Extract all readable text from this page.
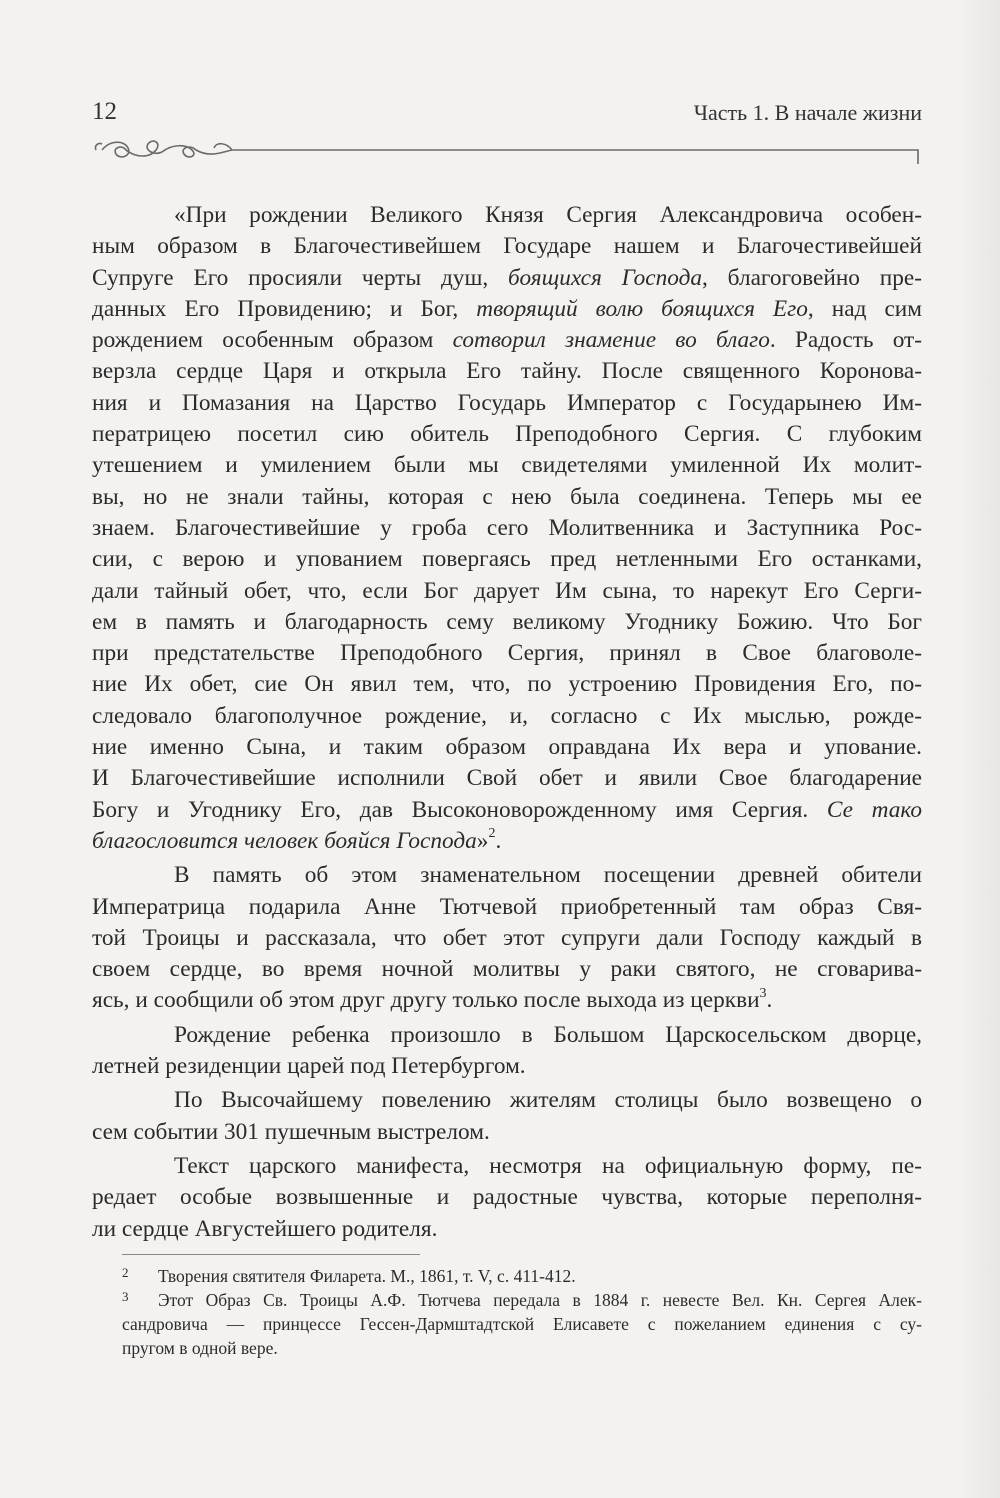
12	Часть 1. В начале жизни
«При рождении Великого Князя Сергия Александровича особен-
ным образом в Благочестивейшем Государе нашем и Благочестивейшей
Супруге Его просияли черты душ, боящихся Господа, благоговейно пре-
данных Его Провидению; и Бог, творящий волю боящихся Его, над сим
рождением особенным образом сотворил знамение во благо. Радость от-
верзла сердце Царя и открыла Его тайну. После священного Коронова-
ния и Помазания на Царство Государь Император с Государынею Им-
ператрицею посетил сию обитель Преподобного Сергия. С глубоким
утешением и умилением были мы свидетелями умиленной Их молит-
вы, но не знали тайны, которая с нею была соединена. Теперь мы ее
знаем. Благочестивейшие у гроба сего Молитвенника и Заступника Рос-
сии, с верою и упованием повергаясь пред нетленными Его останками,
дали тайный обет, что, если Бог дарует Им сына, то нарекут Его Серги-
ем в память и благодарность сему великому Угоднику Божию. Что Бог
при предстательстве Преподобного Сергия, принял в Свое благоволе-
ние Их обет, сие Он явил тем, что, по устроению Провидения Его, по-
следовало благополучное рождение, и, согласно с Их мыслью, рожде-
ние именно Сына, и таким образом оправдана Их вера и упование.
И Благочестивейшие исполнили Свой обет и явили Свое благодарение
Богу и Угоднику Его, дав Высоконоворожденному имя Сергия. Се тако
благословится человек бояйся Господа»$^2$.
В память об этом знаменательном посещении древней обители
Императрица подарила Анне Тютчевой приобретенный там образ Свя-
той Троицы и рассказала, что обет этот супруги дали Господу каждый в
своем сердце, во время ночной молитвы у раки святого, не сговарива-
ясь, и сообщили об этом друг другу только после выхода из церкви$^3$.
Рождение ребенка произошло в Большом Царскосельском дворце,
летней резиденции царей под Петербургом.
По Высочайшему повелению жителям столицы было возвещено о
сем событии 301 пушечным выстрелом.
Текст царского манифеста, несмотря на официальную форму, пе-
редает особые возвышенные и радостные чувства, которые переполня-
ли сердце Августейшего родителя.
2 Творения святителя Филарета. М., 1861, т. V, с. 411-412.
3 Этот Образ Св. Троицы А.Ф. Тютчева передала в 1884 г. невесте Вел. Кн. Сергея Алек-
сандровича — принцессе Гессен-Дармштадтской Елисавете с пожеланием единения с су-
пругом в одной вере.
